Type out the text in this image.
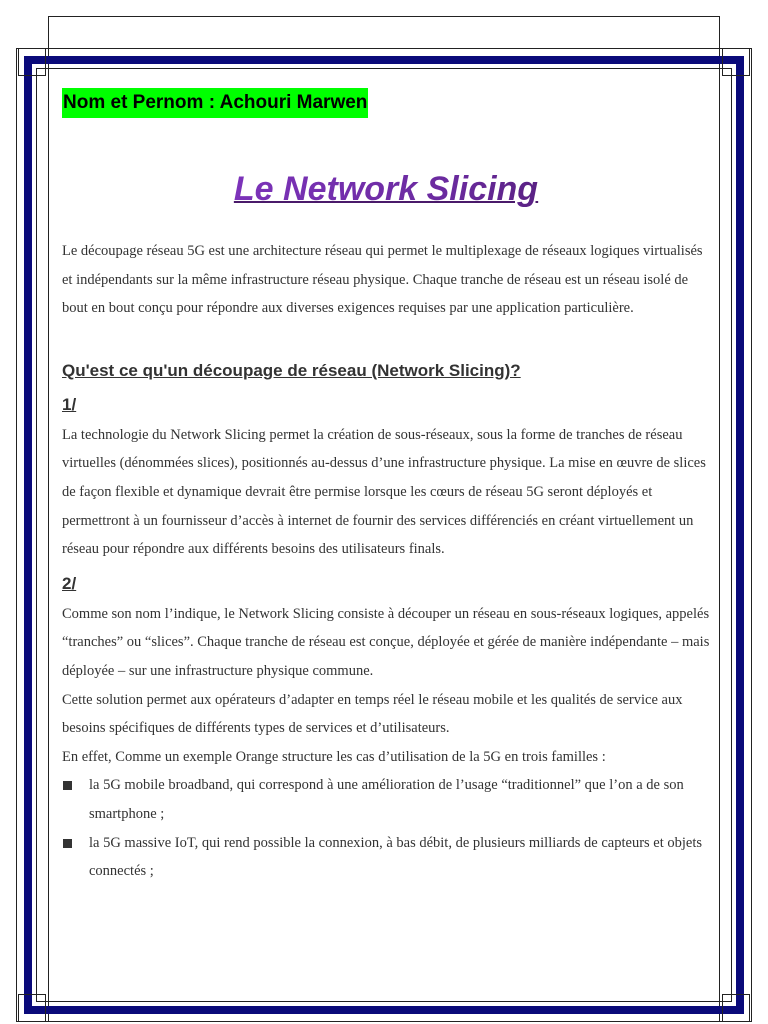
Nom et Pernom : Achouri Marwen
Le Network Slicing

Le découpage réseau 5G est une architecture réseau qui permet le multiplexage de réseaux logiques virtualisés et indépendants sur la même infrastructure réseau physique. Chaque tranche de réseau est un réseau isolé de bout en bout conçu pour répondre aux diverses exigences requises par une application particulière.

Qu'est ce qu'un découpage de réseau (Network Slicing)?
1/

La technologie du Network Slicing permet la création de sous-réseaux, sous la forme de tranches de réseau virtuelles (dénommées slices), positionnés au-dessus d’une infrastructure physique. La mise en œuvre de slices de façon flexible et dynamique devrait être permise lorsque les cœurs de réseau 5G seront déployés et permettront à un fournisseur d’accès à internet de fournir des services différenciés en créant virtuellement un réseau pour répondre aux différents besoins des utilisateurs finals.

2/

Comme son nom l’indique, le Network Slicing consiste à découper un réseau en sous-réseaux logiques, appelés “tranches” ou “slices”. Chaque tranche de réseau est conçue, déployée et gérée de manière indépendante – mais déployée – sur une infrastructure physique commune.

Cette solution permet aux opérateurs d’adapter en temps réel le réseau mobile et les qualités de service aux besoins spécifiques de différents types de services et d’utilisateurs.

En effet, Comme un exemple Orange structure les cas d’utilisation de la 5G en trois familles :

la 5G mobile broadband, qui correspond à une amélioration de l’usage “traditionnel” que l’on a de son smartphone ;
la 5G massive IoT, qui rend possible la connexion, à bas débit, de plusieurs milliards de capteurs et objets connectés ;
